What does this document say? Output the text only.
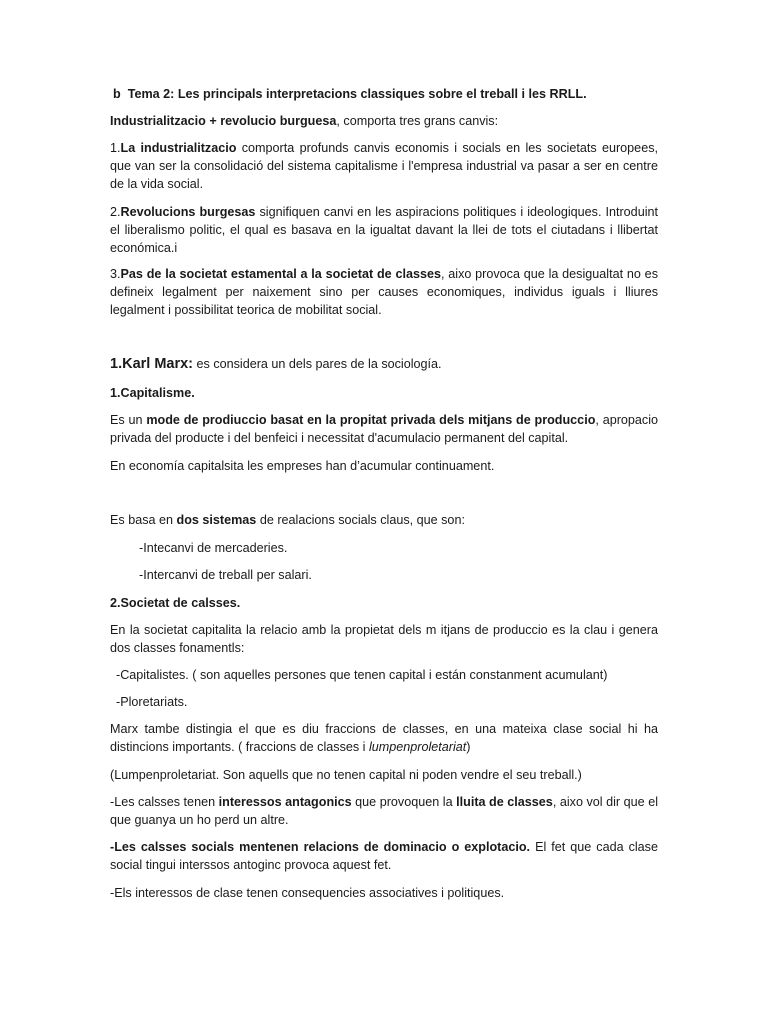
b Tema 2: Les principals interpretacions classiques sobre el treball i les RRLL.

Industrialitzacio + revolucio burguesa, comporta tres grans canvis:

1.La industrialitzacio comporta profunds canvis economis i socials en les societats europees, que van ser la consolidació del sistema capitalisme i l'empresa industrial va pasar a ser en centre de la vida social.

2.Revolucions burgesas signifiquen canvi en les aspiracions politiques i ideologiques. Introduint el liberalismo politic, el qual es basava en la igualtat davant la llei de tots el ciutadans i llibertat económica.i

3.Pas de la societat estamental a la societat de classes, aixo provoca que la desigualtat no es defineix legalment per naixement sino per causes economiques, individus iguals i lliures legalment i possibilitat teorica de mobilitat social.

1.Karl Marx: es considera un dels pares de la sociología.

1.Capitalisme.

Es un mode de prodiuccio basat en la propitat privada dels mitjans de produccio, apropacio privada del producte i del benfeici i necessitat d'acumulacio permanent del capital.

En economía capitalsita les empreses han d’acumular continuament.

Es basa en dos sistemas de realacions socials claus, que son:

-Intecanvi de mercaderies.

-Intercanvi de treball per salari.

2.Societat de calsses.

En la societat capitalita la relacio amb la propietat dels m itjans de produccio es la clau i genera dos classes fonamentls:

-Capitalistes. ( son aquelles persones que tenen capital i están constanment acumulant)

-Ploretariats.

Marx tambe distingia el que es diu fraccions de classes, en una mateixa clase social hi ha distincions importants. ( fraccions de classes i lumpenproletariat)

(Lumpenproletariat. Son aquells que no tenen capital ni poden vendre el seu treball.)

-Les calsses tenen interessos antagonics que provoquen la lluita de classes, aixo vol dir que el que guanya un ho perd un altre.

-Les calsses socials mentenen relacions de dominacio o explotacio. El fet que cada clase social tingui interssos antoginc provoca aquest fet.

-Els interessos de clase tenen consequencies associatives i politiques.
